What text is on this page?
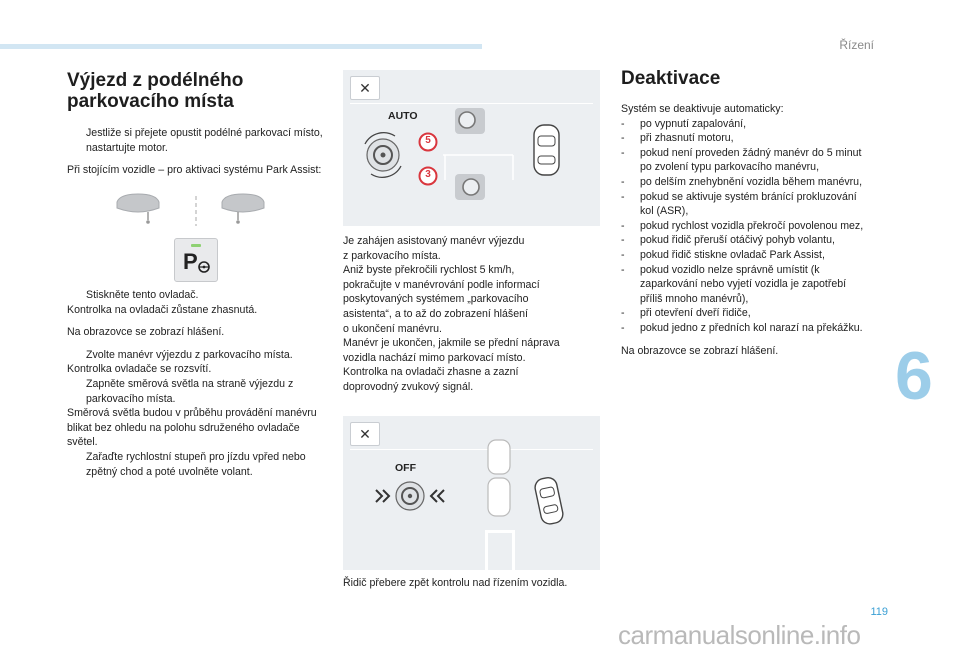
Řízení
6
119
carmanualsonline.info
Výjezd z podélného
parkovacího místa
Jestliže si přejete opustit podélné parkovací místo, nastartujte motor.

Při stojícím vozidle – pro aktivaci systému Park Assist:

P
Stiskněte tento ovladač.

Kontrolka na ovladači zůstane zhasnutá.

Na obrazovce se zobrazí hlášení.

Zvolte manévr výjezdu z parkovacího místa.

Kontrolka ovladače se rozsvítí.

Zapněte směrová světla na straně výjezdu z parkovacího místa.

Směrová světla budou v průběhu provádění manévru blikat bez ohledu na polohu sdruženého ovladače světel.

Zařaďte rychlostní stupeň pro jízdu vpřed nebo zpětný chod a poté uvolněte volant.
✕
AUTO
5
3
Je zahájen asistovaný manévr výjezdu
z parkovacího místa.
Aniž byste překročili rychlost 5 km/h,
pokračujte v manévrování podle informací
poskytovaných systémem „parkovacího
asistenta“, a to až do zobrazení hlášení
o ukončení manévru.
Manévr je ukončen, jakmile se přední náprava
vozidla nachází mimo parkovací místo.
Kontrolka na ovladači zhasne a zazní
doprovodný zvukový signál.
✕
OFF
Řidič přebere zpět kontrolu nad řízením vozidla.
Deaktivace

Systém se deaktivuje automaticky:

- po vypnutí zapalování,
- při zhasnutí motoru,
- pokud není proveden žádný manévr do 5 minut po zvolení typu parkovacího manévru,
- po delším znehybnění vozidla během manévru,
- pokud se aktivuje systém bránící prokluzování kol (ASR),
- pokud rychlost vozidla překročí povolenou mez,
- pokud řidič přeruší otáčivý pohyb volantu,
- pokud řidič stiskne ovladač Park Assist,
- pokud vozidlo nelze správně umístit (k zaparkování nebo vyjetí vozidla je zapotřebí příliš mnoho manévrů),
- při otevření dveří řidiče,
- pokud jedno z předních kol narazí na překážku.

Na obrazovce se zobrazí hlášení.
